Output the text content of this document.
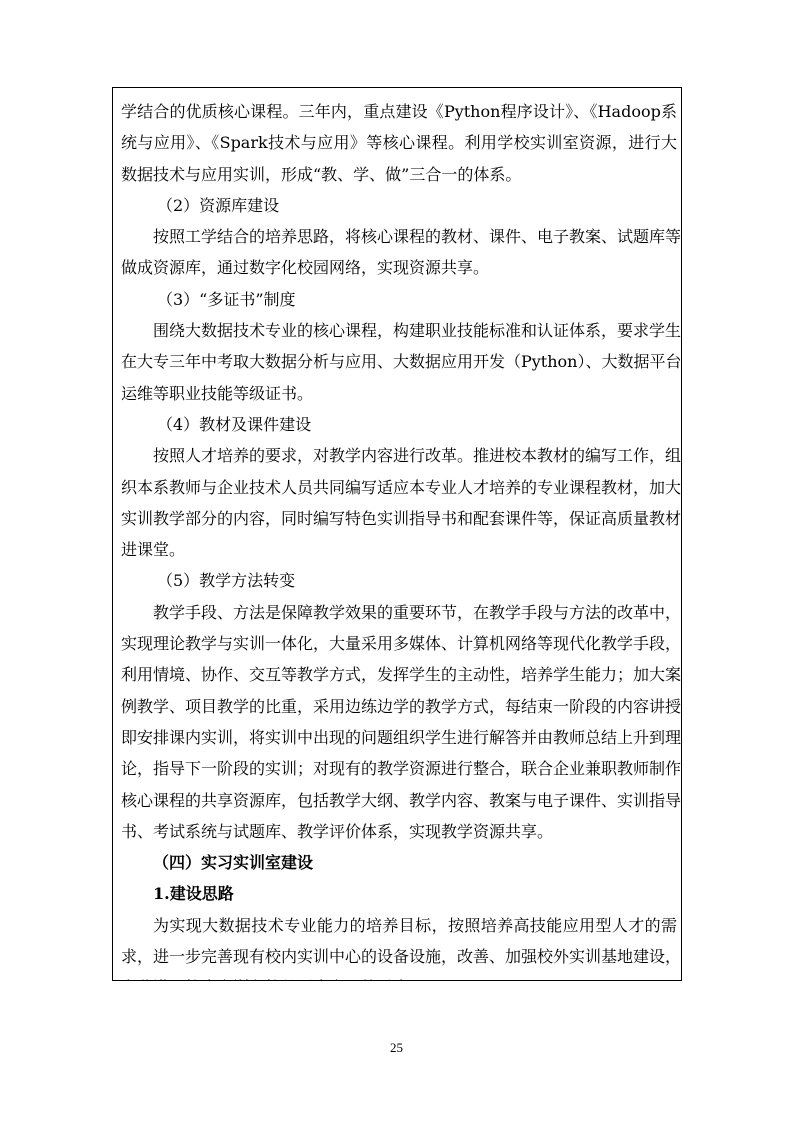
学结合的优质核心课程。三年内，重点建设《Python程序设计》、《Hadoop系
统与应用》、《Spark技术与应用》等核心课程。利用学校实训室资源，进行大
数据技术与应用实训，形成“教、学、做”三合一的体系。
（2）资源库建设
按照工学结合的培养思路，将核心课程的教材、课件、电子教案、试题库等
做成资源库，通过数字化校园网络，实现资源共享。
（3）“多证书”制度
围绕大数据技术专业的核心课程，构建职业技能标准和认证体系，要求学生
在大专三年中考取大数据分析与应用、大数据应用开发（Python）、大数据平台
运维等职业技能等级证书。
（4）教材及课件建设
按照人才培养的要求，对教学内容进行改革。推进校本教材的编写工作，组
织本系教师与企业技术人员共同编写适应本专业人才培养的专业课程教材，加大
实训教学部分的内容，同时编写特色实训指导书和配套课件等，保证高质量教材
进课堂。
（5）教学方法转变
教学手段、方法是保障教学效果的重要环节，在教学手段与方法的改革中，
实现理论教学与实训一体化，大量采用多媒体、计算机网络等现代化教学手段，
利用情境、协作、交互等教学方式，发挥学生的主动性，培养学生能力；加大案
例教学、项目教学的比重，采用边练边学的教学方式，每结束一阶段的内容讲授
即安排课内实训，将实训中出现的问题组织学生进行解答并由教师总结上升到理
论，指导下一阶段的实训；对现有的教学资源进行整合，联合企业兼职教师制作
核心课程的共享资源库，包括教学大纲、教学内容、教案与电子课件、实训指导
书、考试系统与试题库、教学评价体系，实现教学资源共享。
（四）实习实训室建设
1.建设思路
为实现大数据技术专业能力的培养目标，按照培养高技能应用型人才的需
求，进一步完善现有校内实训中心的设备设施，改善、加强校外实训基地建设，
25
